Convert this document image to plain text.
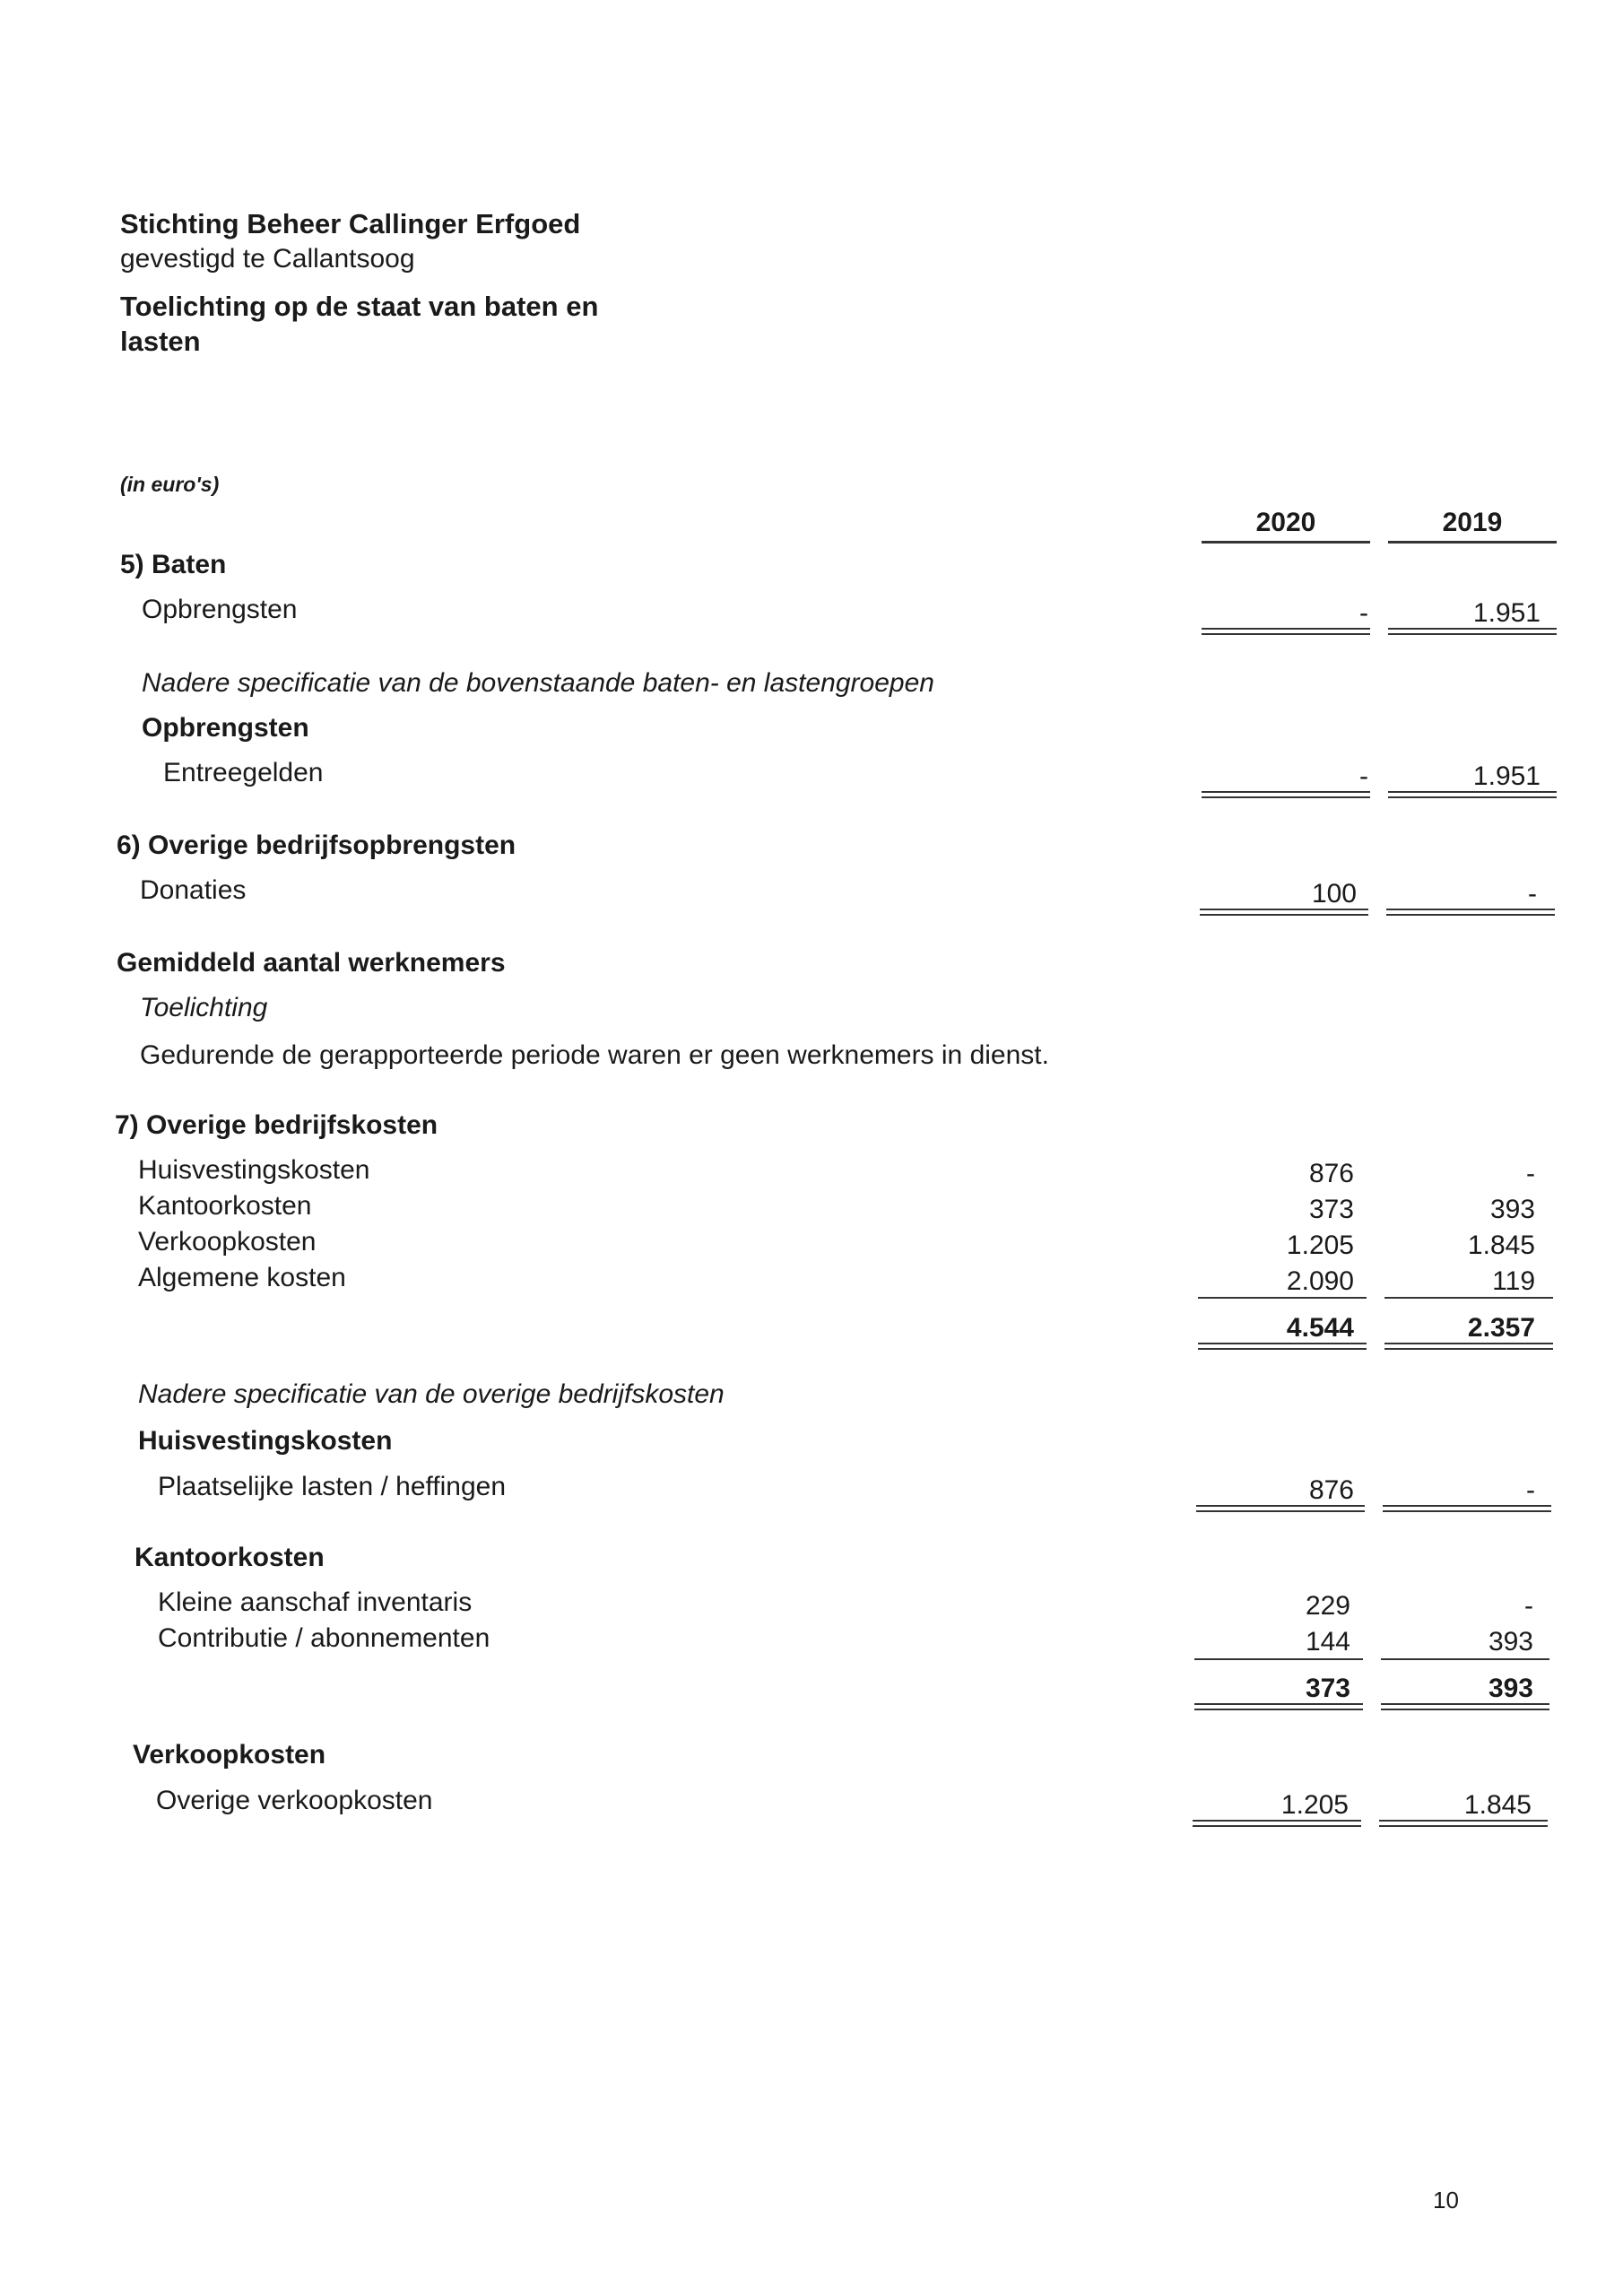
Stichting Beheer Callinger Erfgoed
gevestigd te Callantsoog
Toelichting op de staat van baten en lasten
(in euro's)
2020	2019
5) Baten
Opbrengsten	-	1.951
Nadere specificatie van de bovenstaande baten- en lastengroepen
Opbrengsten
Entreegelden	-	1.951
6) Overige bedrijfsopbrengsten
Donaties	100	-
Gemiddeld aantal werknemers
Toelichting
Gedurende de gerapporteerde periode waren er geen werknemers in dienst.
7) Overige bedrijfskosten
Huisvestingskosten	876	-
Kantoorkosten	373	393
Verkoopkosten	1.205	1.845
Algemene kosten	2.090	119
4.544	2.357
Nadere specificatie van de overige bedrijfskosten
Huisvestingskosten
Plaatselijke lasten / heffingen	876	-
Kantoorkosten
Kleine aanschaf inventaris	229	-
Contributie / abonnementen	144	393
373	393
Verkoopkosten
Overige verkoopkosten	1.205	1.845
10
